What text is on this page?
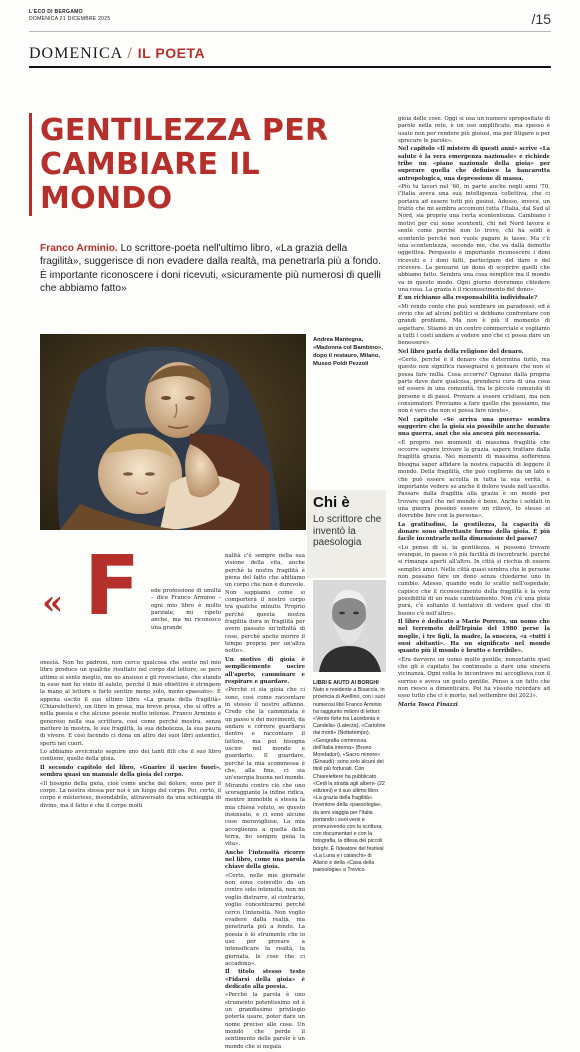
L'ECO DI BERGAMO
DOMENICA 21 DICEMBRE 2025	/15
DOMENICA / IL POETA
GENTILEZZA PER CAMBIARE IL MONDO

Franco Arminio. Lo scrittore-poeta nell'ultimo libro, «La grazia della fragilità», suggerisce di non evadere dalla realtà, ma penetrarla più a fondo. È importante riconoscere i doni ricevuti, «sicuramente più numerosi di quelli che abbiamo fatto»

Andrea Mantegna, «Madonna col Bambino», dopo il restauro, Milano, Museo Poldi Pezzoli
Chi è
Lo scrittore che inventò la paesologia

LIBRI E AIUTO AI BORGHI
Nato e residente a Bisaccia, in provincia di Avellino, con i suoi numerosi libri Franco Arminio ha raggiunto milioni di lettori: «Vento forte tra Lacedonia e Candela» (Laterza), «Cartoline dai morti» (Nottetempo), «Geografia commossa dell'Italia interna» (Bruno Mondadori), «Sacro minore» (Einaudi): sono solo alcuni dei titoli più fortunati. Con Chiarelettere ha pubblicato «Cedi la strada agli alberi» (22 edizioni) e il suo ultimo libro «La grazia della fragilità». Inventore della «paesologia», da anni viaggia per l'Italia portando i suoi versi e promuovendo con la scrittura, con documentari e con la fotografia, la difesa dei piccoli borghi. È l'ideatore del festival «La Luna e i calanchi» di Aliano e della «Casa della paesologia» a Trevico.

« F ede professione di umiltà – dice Franco Arminio – ogni mio libro è molto parziale, mi ripeto anche, ma mi riconosco una grande

onestà. Non ho padroni, non cerco qualcosa che sento nel mio libro produce un qualche risultato nel corpo del lettore, se però attimo si sente meglio, me no ansioso e gli rovesciano, che stando in esso non ho vinto di salute, perché il mio obiettivo è stringere la mano al lettore e farlo sentire meno solo, meno spaesato». È appena uscito il suo ultimo libro «La grazia della fragilità» (Chiarelettere), un libro in prosa, ma breve prosa, che si offre a nella poesia e che alcune poesie molto intense. Franco Arminio è generoso nella sua scrittura, così come perché mostra, senza mettere in mostra, le sue fragilità, la sua debolezza, la sua paura di vivere. E così facendo ci dona un altro dei suoi libri autentici, sperti nei cuori.

Lo abbiamo avvicinato seguire uno dei tanti filli che il suo libro contiene, quello della gioia.

Il secondo capitolo del libro, «Guarire il uscire fuori», sembra quasi un manuale della gioia del corpo.

«Il bisogno della gioia, cioè come anche del dolore, sono per il corpo. La nostra stessa per noi è un luogo del corpo. Poi, certo, il corpo è misterioso, insondabile, attraversato da una schieggia di divino, ma il fatto è che il corpo molti

nalità c'è sempre nella sua visione della vita, anche perché la nostra fragilità è piena del fatto che abitiamo un corpo che non è durevole. Non sappiamo come si comporterà il nostro corpo tra qualche minuto. Proprio perché questa nostra fragilità dura in fragilità per avere passato un'infinità di cose, perché anche morire il tempo proprio per un'altra notte».

Un motivo di gioia è semplicemente uscire all'aperto, camminare e respirare e guardare.

«Perché ci sia gioia che ci sono, così come raccontare in stesso il nostro affanno. Credo che la camminata è un passo e dei movimenti, da andare e correre guardarsi dentro e raccontare il lettore, ma poi bisogna uscire nel mondo e guardarlo. Il guardare, perché la mia scommessa è che, alla fine, ci sia un'energia buona nel mondo. Mirando contro ciò che uno scoraggiante la infine ridica, mentre immobile e stessa la mia chiesa voluto, se questo insensato, e ci sono alcune cose meravigliose. La mia accoglienza a quella della terra, ho sempre gioia la vita».

Anche l'intensità ricorre nel libro, come una parola chiave della gioia.

«Certo, nelle mie giornate non sono coinvolto da un contro solo intensità, non mi voglio distrarre, al contrario, voglio concentrarmi perché cerco l'intensità. Non voglio evadere dalla realtà, ma penetrarla più a fondo. La poesia è lo strumento che io uso per provare a intensificare la realtà, la giornata, le cose che ci accadono».

Il titolo stesso testo «Fidarsi della gioia» è dedicato alla poesia.

«Perché la parola è uno strumento potentissimo ed è un grandissimo privilegio poterla usare, poter dare un nome preciso alle cose. Un mondo che perde il sentimento delle parole è un mondo che si negala

gioia delle cose. Oggi si usa un numero spropositato di parole nella rete, è un uso amplificato, ma spesso è usato non per rendere più gioiosi, ma per litigare o per sprecare le parole».

Nel capitolo «Il mistero di questi anni» scrive «La salute è la vera emergenza nazionale» e richiede tribe un «piano nazionale della gioia» per superare quella che definisce la bancarotta antropologica, una depressione di massa.

«Più tu lavori nel '60, in parte anche negli anni '70, l'Italia aveva una sua intelligenza collettiva, che ci portava ad essere tutti più gioiosi. Adesso, invece, un tratto che mi sembra accomuni tutta l'Italia, dal Sud al Nord, sia proprio una certa scontentezza. Cambiano i motivi per cui sono scontenti, chi nel Nord lavora e sente come perché non lo trovo, chi ha soldi è scontento perché non vuole pagare le tasse. Ma c'è una scontentezza, secondo me, che va dalla demotto oggettiva. Perquesto è importante riconoscere i doni ricevuti e i doni fatti, partecipare del dare e del ricevere. La pensarei un dono di scoprire quelli che abbiamo fatto. Sembra una cosa semplice ma il mondo va in questo modo. Ogni giorno dovremmo chiedere una cosa. La grazia è il riconoscimento del dono»

È un richiamo alla responsabilità individuale?

«Mi rendo conto che può sembrare un paradosso, ed è ovvio che ad alcuni politici si debbano confrontare con grandi problemi. Ma non è più il momento di aspettare. Stiamo in un centro commerciale e vogliamo a tutti i costi andare a vedere uno che ci possa dare un benessere».

Nel libro parla della religione del denaro.

«Certo, perché è il denaro che determina tutto, ma questo non significa rassegnarsi e pensare che non si possa fare nulla. Cosa occorre? Ognuno dalla propria parte deve dare qualcosa, prendersi cura di una cosa ed essere in una comunità, tra le piccole comunità di persone e di paesi. Provare a essere cristiani, ma non consumatori. Proviamo a fare quello che possiamo, ma non è vero che non si possa fare niente».

Nel capitolo «Se arriva una guerra» sembra suggerire che la gioia sia possibile anche durante una guerra, anzi che sia ancora più necessaria.

«È proprio nei momenti di massima fragilità che occorre sapere trovare la grazia, sapere trattare dalla fragilità grazia. Nei momenti di massima sofferenza bisogna saper affidare la nostra capacità di leggere il mondo. Della fragilità, che può coglierne da un lato e che può essere accolta in tutta la sua verità, è importante vedere se anche il dolore vuole nell'ascolto. Passare dalla fragilità alla grazia è un modo per trovare quel che nel mondo è bene. Anche i soldati in una guerra possono essere un rilievo, lo stesso si dovrebbe fare con la persona».

La gratitudine, la gentilezza, la capacità di donare sono altrettante forme della gioia. È più facile incontrarle nella dimensione del paese?

«Lo penso di sì, la gentilezza, si possono trovare ovunque, in paese c'è più facilità di incontrarle, purché si rimanga aperti all'altro. In città si rischia di essere semplici amici. Nelle città quasi sembra che le persone non possano fare un dono senza chiederne uno in cambio. Adesso, quando vedo lo scatto nell'ospedale, capisco che il riconoscimento della fragilità è la vera possibilità di un reale cambiamento. Non c'è una gioia pura, c'è soltanto il tentativo di vedere quel che di buono c'è nell'altro».

Il libro è dedicato a Mario Porrera, un uomo che nel terremoto dell'Irpinia del 1980 perse la moglie, i tre figli, la madre, la suocera, «a «tutti i suoi abitanti». Ha un significato nel mondo quanto più il mondo è brutto e terribile».

«Era davvero un uomo molto gentile, nonostante quel che gli è capitato ha continuato a dare una sincera vicinanza. Ogni volta lo incontravo mi accoglieva con il sorriso e aveva un gesto gentile. Penso a un fatto che non riesco a dimenticare. Poi ha vissuto ricordare ad esso tutto che ci è morto, nel settembre del 2023».

Maria Tosca Finazzi
